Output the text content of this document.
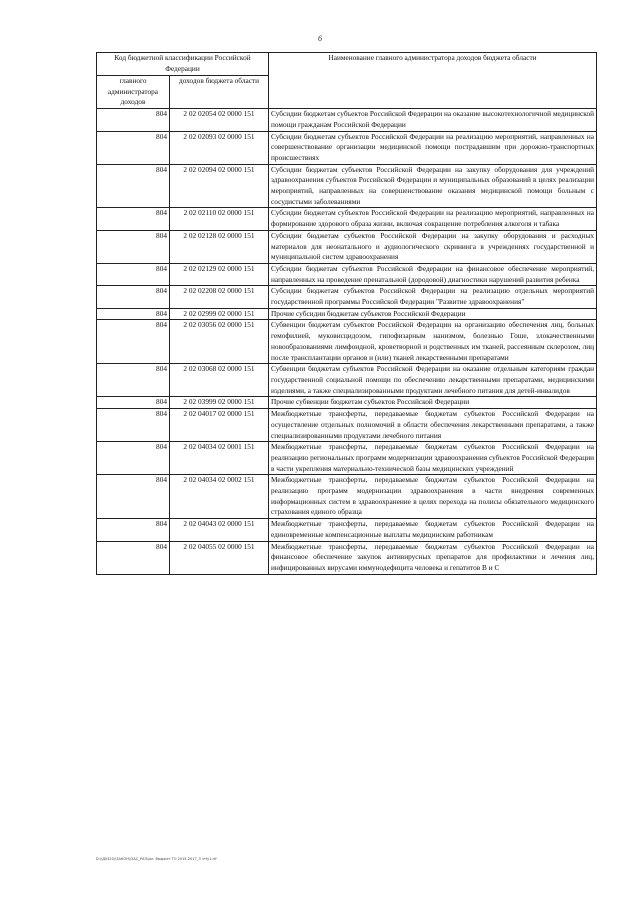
6
Код бюджетной классификации Российской Федерации		Наименование главного администратора доходов бюджета области
главного администратора доходов	доходов бюджета области	
804	2 02 02054 02 0000 151	Субсидии бюджетам субъектов Российской Федерации на оказание высокотехнологичной медицинской помощи гражданам Российской Федерации
804	2 02 02093 02 0000 151	Субсидии бюджетам субъектов Российской Федерации на реализацию мероприятий, направленных на совершенствование организации медицинской помощи пострадавшим при дорожно-транспортных происшествиях
804	2 02 02094 02 0000 151	Субсидии бюджетам субъектов Российской Федерации на закупку оборудования для учреждений здравоохранения субъектов Российской Федерации и муниципальных образований в целях реализации мероприятий, направленных на совершенствование оказания медицинской помощи больным с сосудистыми заболеваниями
804	2 02 02110 02 0000 151	Субсидии бюджетам субъектов Российской Федерации на реализацию мероприятий, направленных на формирование здорового образа жизни, включая сокращение потребления алкоголя и табака
804	2 02 02128 02 0000 151	Субсидии бюджетам субъектов Российской Федерации на закупку оборудования и расходных материалов для неонатального и аудиологического скрининга в учреждениях государственной и муниципальной систем здравоохранения
804	2 02 02129 02 0000 151	Субсидии бюджетам субъектов Российской Федерации на финансовое обеспечение мероприятий, направленных на проведение пренатальной (дородовой) диагностики нарушений развития ребенка
804	2 02 02208 02 0000 151	Субсидии бюджетам субъектов Российской Федерации на реализацию отдельных мероприятий государственной программы Российской Федерации "Развитие здравоохранения"
804	2 02 02999 02 0000 151	Прочие субсидии бюджетам субъектов Российской Федерации
804	2 02 03056 02 0000 151	Субвенции бюджетам субъектов Российской Федерации на организацию обеспечения лиц, больных гемофилией, муковисцидозом, гипофизарным нанизмом, болезнью Гоше, злокачественными новообразованиями лимфоидной, кроветворной и родственных им тканей, рассеянным склерозом, лиц после трансплантации органов и (или) тканей лекарственными препаратами
804	2 02 03068 02 0000 151	Субвенции бюджетам субъектов Российской Федерации на оказание отдельным категориям граждан государственной социальной помощи по обеспечению лекарственными препаратами, медицинскими изделиями, а также специализированными продуктами лечебного питания для детей-инвалидов
804	2 02 03999 02 0000 151	Прочие субвенции бюджетам субъектов Российской Федерации
804	2 02 04017 02 0000 151	Межбюджетные трансферты, передаваемые бюджетам субъектов Российской Федерации на осуществление отдельных полномочий в области обеспечения лекарственными препаратами, а также специализированными продуктами лечебного питания
804	2 02 04034 02 0001 151	Межбюджетные трансферты, передаваемые бюджетам субъектов Российской Федерации на реализацию региональных программ модернизации здравоохранения субъектов Российской Федерации в части укрепления материально-технической базы медицинских учреждений
804	2 02 04034 02 0002 151	Межбюджетные трансферты, передаваемые бюджетам субъектов Российской Федерации на реализацию программ модернизации здравоохранения в части внедрения современных информационных систем в здравоохранение в целях перехода на полисы обязательного медицинского страхования единого образца
804	2 02 04043 02 0000 151	Межбюджетные трансферты, передаваемые бюджетам субъектов Российской Федерации на единовременные компенсационные выплаты медицинским работникам
804	2 02 04055 02 0000 151	Межбюджетные трансферты, передаваемые бюджетам субъектов Российской Федерации на финансовое обеспечение закупок антивирусных препаратов для профилактики и лечения лиц, инфицированных вирусами иммунодефицита человека и гепатитов В и С
D:\\Д0420\\ЗАКОН\\ЗАС_РАЗ\\ол. бюджет ТО 2015-2017_3 чтfу1.rtf
